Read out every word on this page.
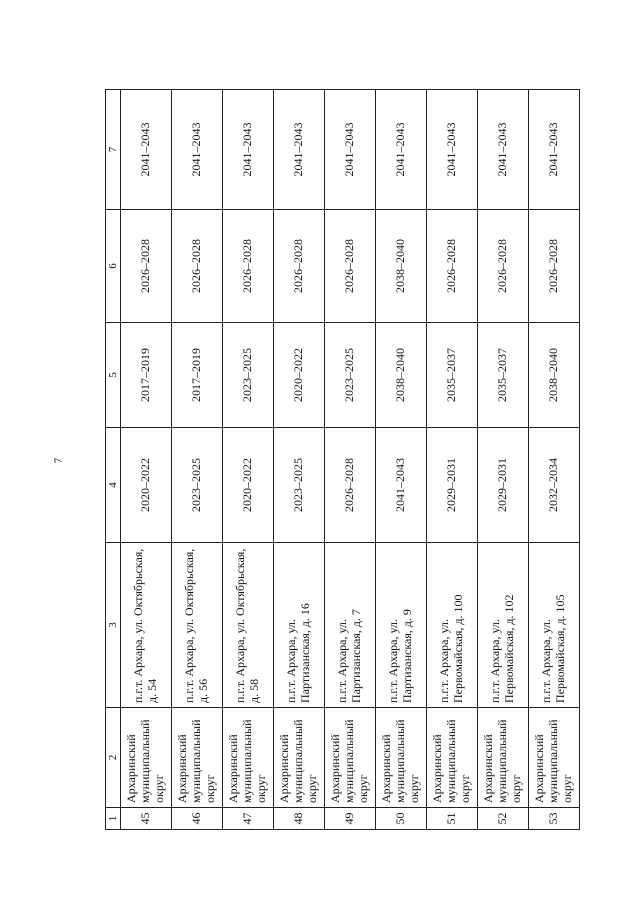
7
1	2	3	4	5	6	7
45	Архаринский муниципальный округ	п.г.т. Архара, ул. Октябрьская, д. 54	2020–2022	2017–2019	2026–2028	2041–2043
46	Архаринский муниципальный округ	п.г.т. Архара, ул. Октябрьская, д. 56	2023–2025	2017–2019	2026–2028	2041–2043
47	Архаринский муниципальный округ	п.г.т. Архара, ул. Октябрьская, д. 58	2020–2022	2023–2025	2026–2028	2041–2043
48	Архаринский муниципальный округ	п.г.т. Архара, ул. Партизанская, д. 16	2023–2025	2020–2022	2026–2028	2041–2043
49	Архаринский муниципальный округ	п.г.т. Архара, ул. Партизанская, д. 7	2026–2028	2023–2025	2026–2028	2041–2043
50	Архаринский муниципальный округ	п.г.т. Архара, ул. Партизанская, д. 9	2041–2043	2038–2040	2038–2040	2041–2043
51	Архаринский муниципальный округ	п.г.т. Архара, ул. Первомайская, д. 100	2029–2031	2035–2037	2026–2028	2041–2043
52	Архаринский муниципальный округ	п.г.т. Архара, ул. Первомайская, д. 102	2029–2031	2035–2037	2026–2028	2041–2043
53	Архаринский муниципальный округ	п.г.т. Архара, ул. Первомайская, д. 105	2032–2034	2038–2040	2026–2028	2041–2043
